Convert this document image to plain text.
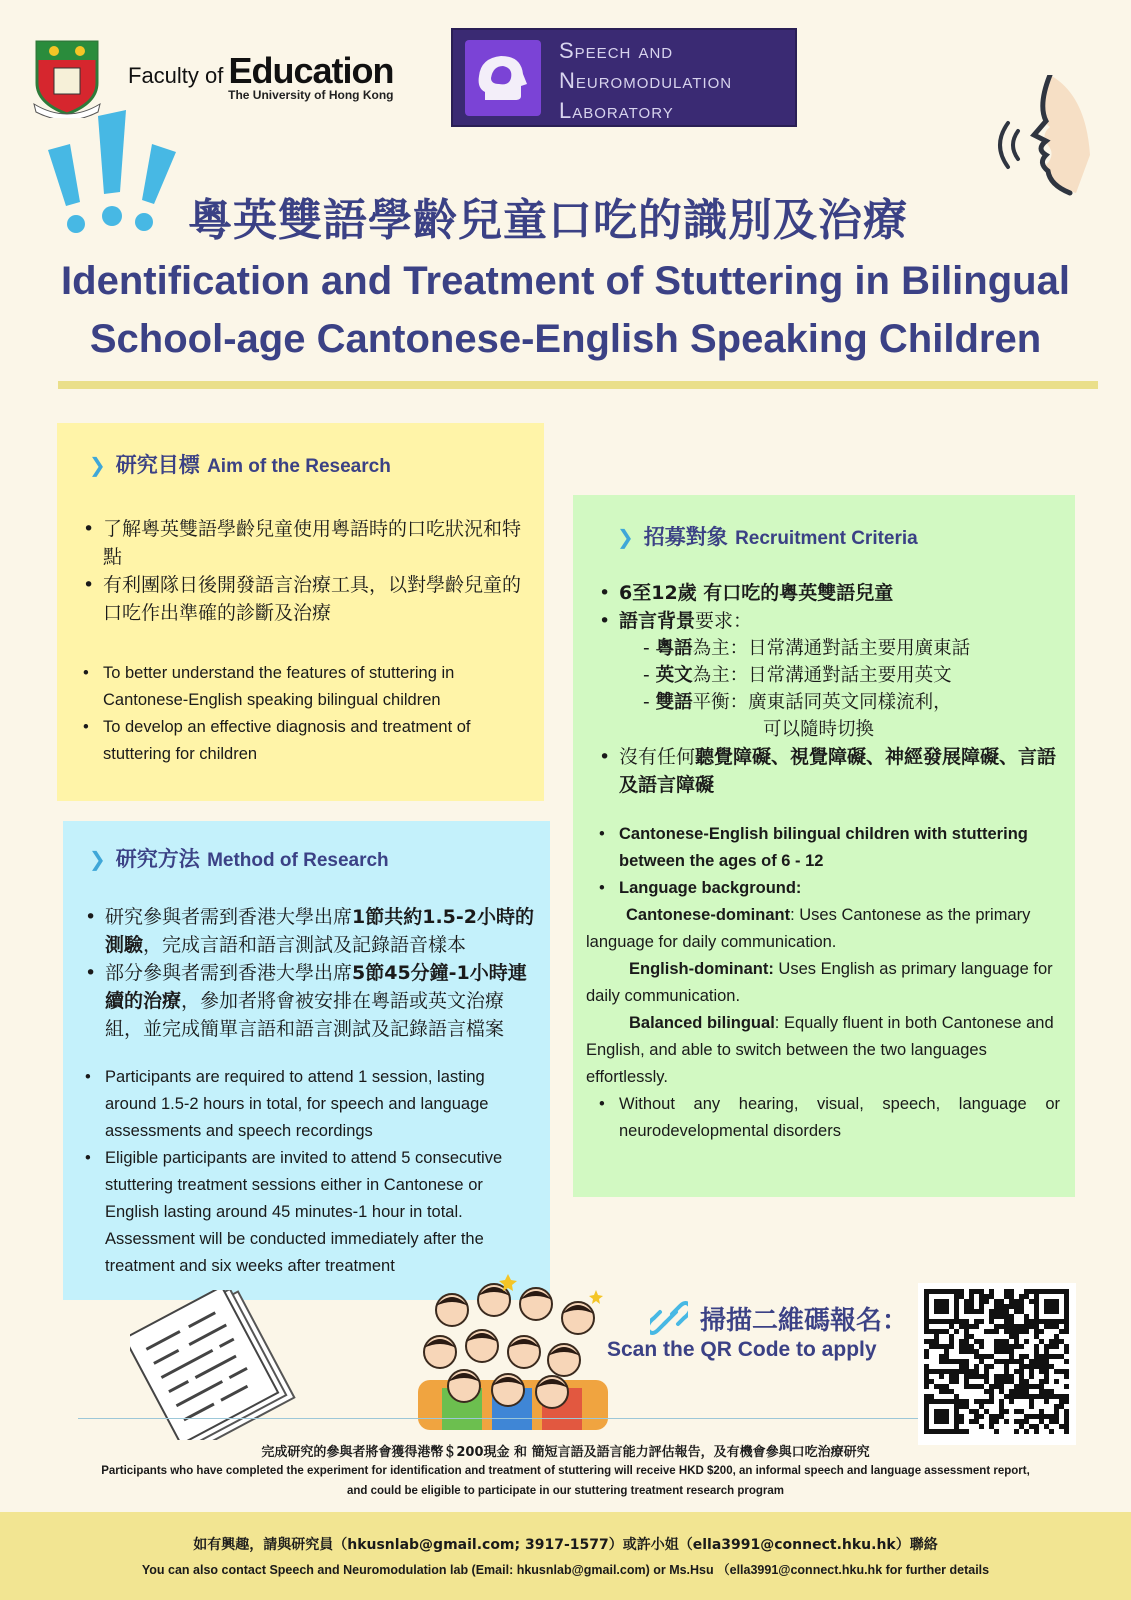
Faculty of Education
The University of Hong Kong
Speech and
Neuromodulation
Laboratory
粵英雙語學齡兒童口吃的識別及治療
Identification and Treatment of Stuttering in Bilingual
School-age Cantonese-English Speaking Children
❯ 研究目標 Aim of the Research
• 了解粵英雙語學齡兒童使用粵語時的口吃狀況和特點
• 有利團隊日後開發語言治療工具，以對學齡兒童的口吃作出準確的診斷及治療
• To better understand the features of stuttering in Cantonese-English speaking bilingual children
• To develop an effective diagnosis and treatment of stuttering for children
❯ 研究方法 Method of Research
• 研究參與者需到香港大學出席1節共約1.5-2小時的測驗，完成言語和語言測試及記錄語音樣本
• 部分參與者需到香港大學出席5節45分鐘-1小時連續的治療，參加者將會被安排在粵語或英文治療組，並完成簡單言語和語言測試及記錄語言檔案
• Participants are required to attend 1 session, lasting around 1.5-2 hours in total, for speech and language assessments and speech recordings
• Eligible participants are invited to attend 5 consecutive stuttering treatment sessions either in Cantonese or English lasting around 45 minutes-1 hour in total. Assessment will be conducted immediately after the treatment and six weeks after treatment
❯ 招募對象 Recruitment Criteria
• 6至12歲 有口吃的粵英雙語兒童
• 語言背景要求：
- 粵語為主：日常溝通對話主要用廣東話
- 英文為主：日常溝通對話主要用英文
- 雙語平衡：廣東話同英文同樣流利，
可以隨時切換
• 沒有任何聽覺障礙、視覺障礙、神經發展障礙、言語及語言障礙
• Cantonese-English bilingual children with stuttering between the ages of 6 - 12
• Language background:
Cantonese-dominant: Uses Cantonese as the primary language for daily communication.
English-dominant: Uses English as primary language for daily communication.
Balanced bilingual: Equally fluent in both Cantonese and English, and able to switch between the two languages effortlessly.
• Without any hearing, visual, speech, language or neurodevelopmental disorders
掃描二維碼報名：
Scan the QR Code to apply
完成研究的參與者將會獲得港幣＄200現金 和 簡短言語及語言能力評估報告，及有機會參與口吃治療研究
Participants who have completed the experiment for identification and treatment of stuttering will receive HKD $200, an informal speech and language assessment report,
and could be eligible to participate in our stuttering treatment research program
如有興趣，請與研究員（hkusnlab@gmail.com; 3917-1577）或許小姐（ella3991@connect.hku.hk）聯絡
You can also contact Speech and Neuromodulation lab (Email: hkusnlab@gmail.com) or Ms.Hsu （ella3991@connect.hku.hk for further details
